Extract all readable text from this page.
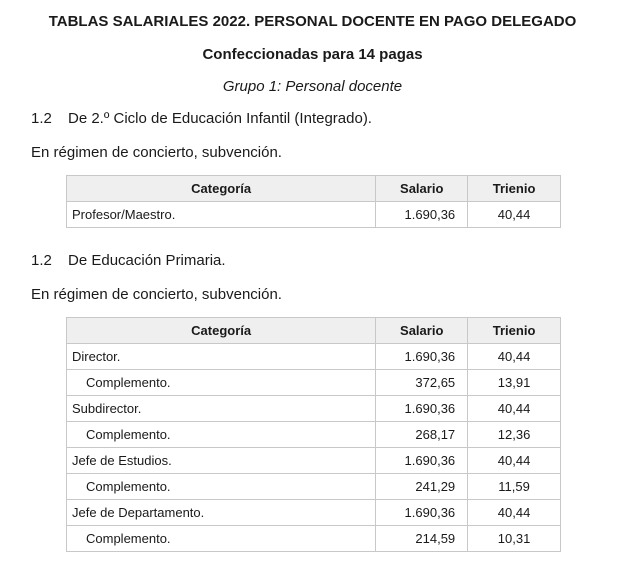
TABLAS SALARIALES 2022. PERSONAL DOCENTE EN PAGO DELEGADO
Confeccionadas para 14 pagas

Grupo 1: Personal docente

1.2 De 2.º Ciclo de Educación Infantil (Integrado).

En régimen de concierto, subvención.

Categoría	Salario	Trienio
Profesor/Maestro.	1.690,36	40,44

1.2 De Educación Primaria.

En régimen de concierto, subvención.

Categoría	Salario	Trienio
Director.	1.690,36	40,44
Complemento.	372,65	13,91
Subdirector.	1.690,36	40,44
Complemento.	268,17	12,36
Jefe de Estudios.	1.690,36	40,44
Complemento.	241,29	11,59
Jefe de Departamento.	1.690,36	40,44
Complemento.	214,59	10,31
